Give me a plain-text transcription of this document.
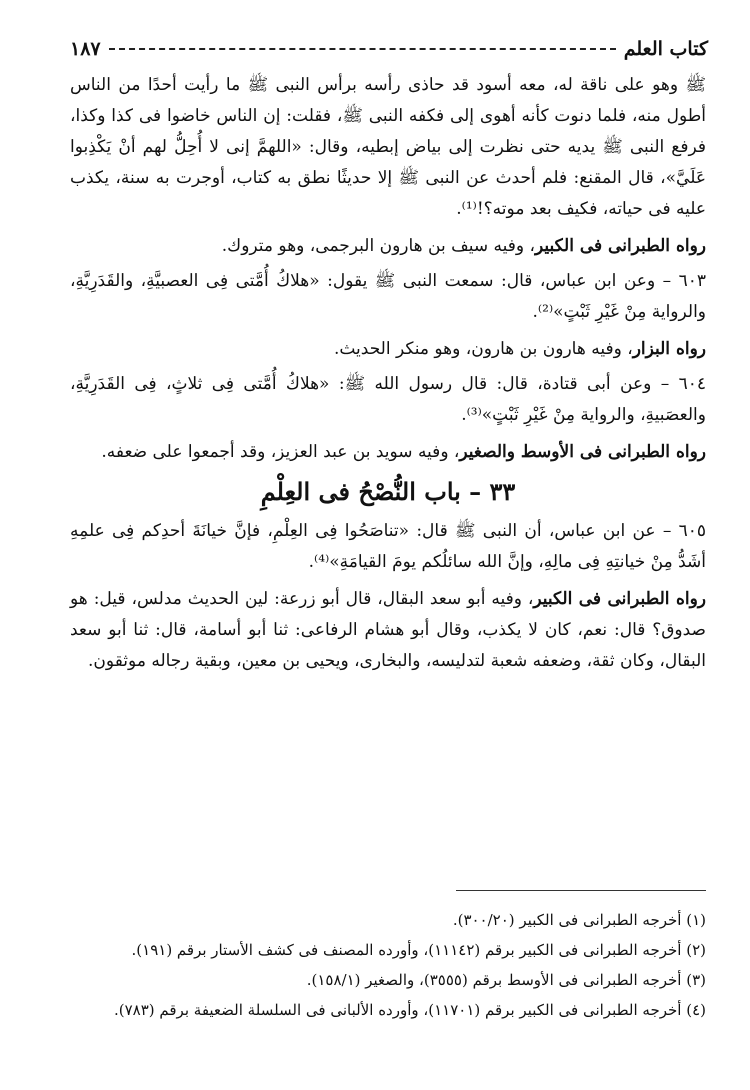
كتاب العلم
١٨٧

ﷺ وهو على ناقة له، معه أسود قد حاذى رأسه برأس النبى ﷺ ما رأيت أحدًا من الناس أطول منه، فلما دنوت كأنه أهوى إلى فكفه النبى ﷺ، فقلت: إن الناس خاضوا فى كذا وكذا، فرفع النبى ﷺ يديه حتى نظرت إلى بياض إبطيه، وقال: «اللهمَّ إنى لا أُحِلُّ لهم أنْ يَكْذِبوا عَلَيَّ»، قال المقنع: فلم أحدث عن النبى ﷺ إلا حديثًا نطق به كتاب، أوجرت به سنة، يكذب عليه فى حياته، فكيف بعد موته؟!⁽¹⁾.

رواه الطبرانى فى الكبير، وفيه سيف بن هارون البرجمى، وهو متروك.

٦٠٣ – وعن ابن عباس، قال: سمعت النبى ﷺ يقول: «هلاكُ أُمَّتى فِى العصبيَّةِ، والقَدَرِيَّةِ، والرواية مِنْ غَيْرِ ثَبْتٍ»⁽²⁾.

رواه البزار، وفيه هارون بن هارون، وهو منكر الحديث.

٦٠٤ – وعن أبى قتادة، قال: قال رسول الله ﷺ: «هلاكُ أُمَّتى فِى ثلاثٍ، فِى القَدَرِيَّةِ، والعصَبيةِ، والرواية مِنْ غَيْرِ ثَبْتٍ»⁽³⁾.

رواه الطبرانى فى الأوسط والصغير، وفيه سويد بن عبد العزيز، وقد أجمعوا على ضعفه.

٣٣ – باب النُّصْحُ فى العِلْمِ

٦٠٥ – عن ابن عباس، أن النبى ﷺ قال: «تناصَحُوا فِى العِلْمِ، فإنَّ خيانَةَ أحدِكم فِى علمِهِ أشَدُّ مِنْ خيانتِهِ فِى مالِهِ، وإنَّ الله سائلُكم يومَ القيامَةِ»⁽⁴⁾.

رواه الطبرانى فى الكبير، وفيه أبو سعد البقال، قال أبو زرعة: لين الحديث مدلس، قيل: هو صدوق؟ قال: نعم، كان لا يكذب، وقال أبو هشام الرفاعى: ثنا أبو أسامة، قال: ثنا أبو سعد البقال، وكان ثقة، وضعفه شعبة لتدليسه، والبخارى، ويحيى بن معين، وبقية رجاله موثقون.

(١) أخرجه الطبرانى فى الكبير (٣٠٠/٢٠).
(٢) أخرجه الطبرانى فى الكبير برقم (١١١٤٢)، وأورده المصنف فى كشف الأستار برقم (١٩١).
(٣) أخرجه الطبرانى فى الأوسط برقم (٣٥٥٥)، والصغير (١٥٨/١).
(٤) أخرجه الطبرانى فى الكبير برقم (١١٧٠١)، وأورده الألبانى فى السلسلة الضعيفة برقم (٧٨٣).
